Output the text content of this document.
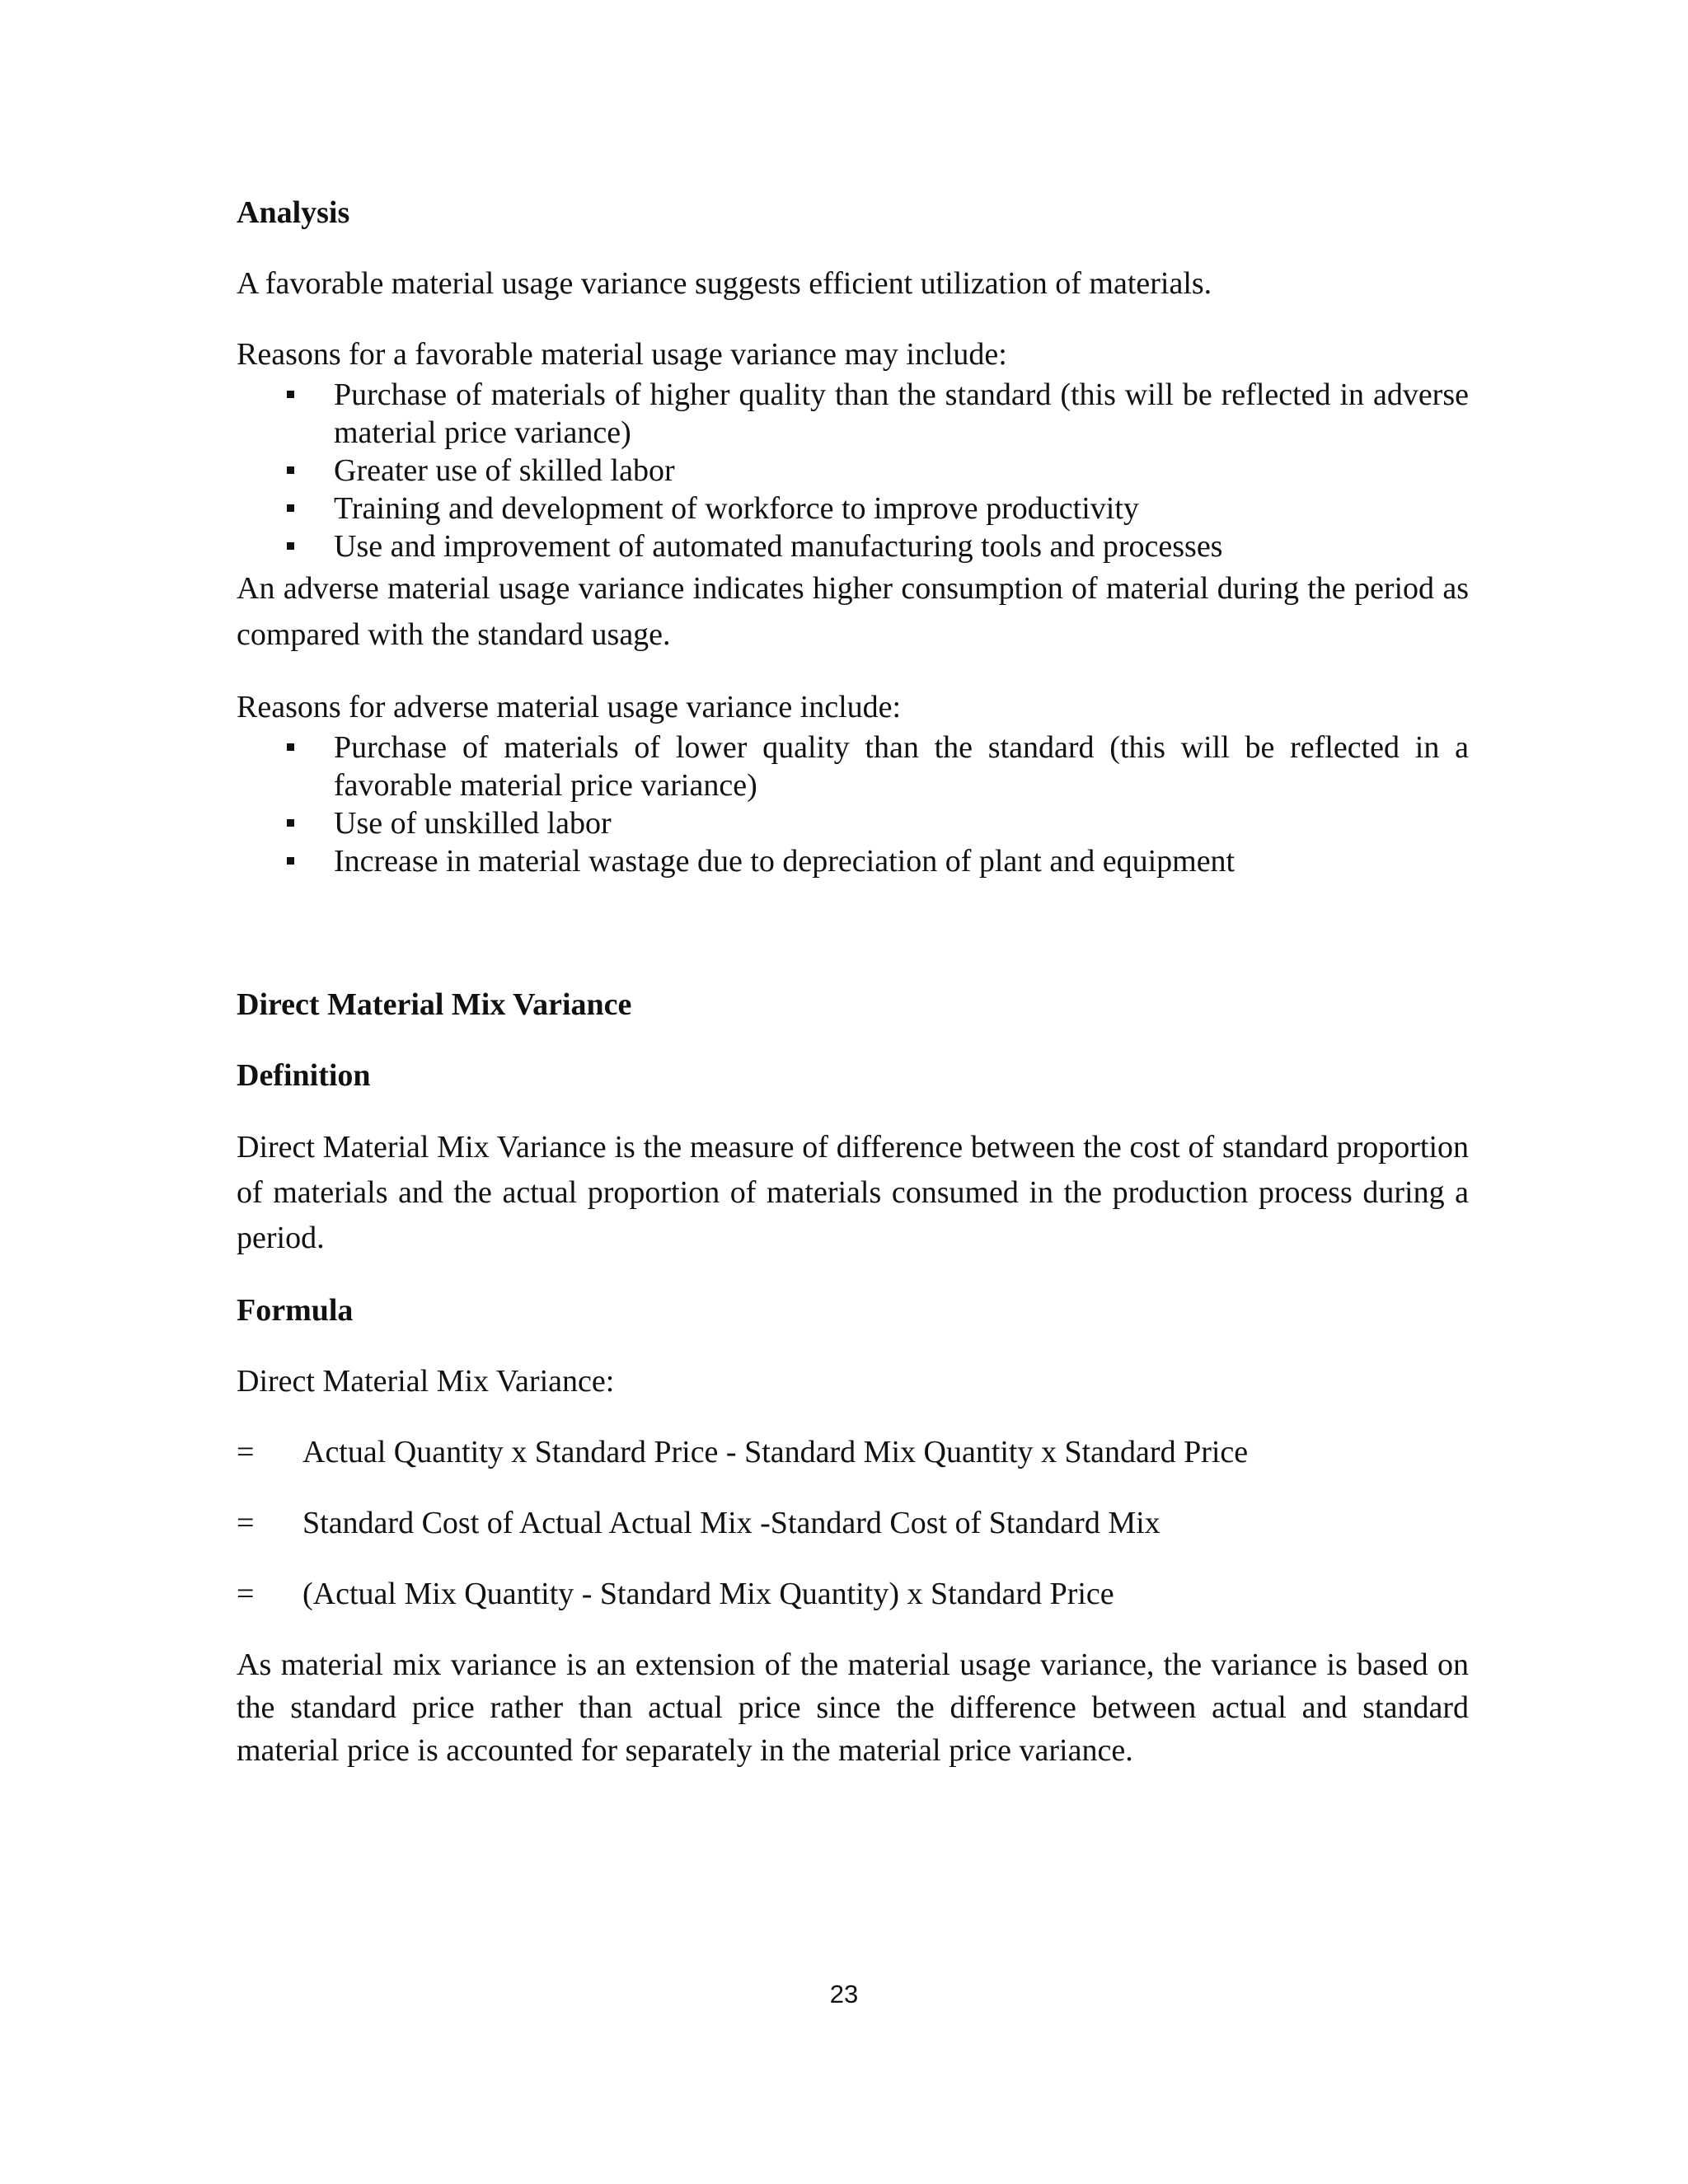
Analysis

A favorable material usage variance suggests efficient utilization of materials.

Reasons for a favorable material usage variance may include:

Purchase of materials of higher quality than the standard (this will be reflected in adverse material price variance)
Greater use of skilled labor
Training and development of workforce to improve productivity
Use and improvement of automated manufacturing tools and processes

An adverse material usage variance indicates higher consumption of material during the period as compared with the standard usage.

Reasons for adverse material usage variance include:

Purchase of materials of lower quality than the standard (this will be reflected in a favorable material price variance)
Use of unskilled labor
Increase in material wastage due to depreciation of plant and equipment

Direct Material Mix Variance

Definition

Direct Material Mix Variance is the measure of difference between the cost of standard proportion of materials and the actual proportion of materials consumed in the production process during a period.

Formula

Direct Material Mix Variance:

=	Actual Quantity x Standard Price - Standard Mix Quantity x Standard Price
=	Standard Cost of Actual Actual Mix -Standard Cost of Standard Mix
=	(Actual Mix Quantity - Standard Mix Quantity) x Standard Price

As material mix variance is an extension of the material usage variance, the variance is based on the standard price rather than actual price since the difference between actual and standard material price is accounted for separately in the material price variance.

23
